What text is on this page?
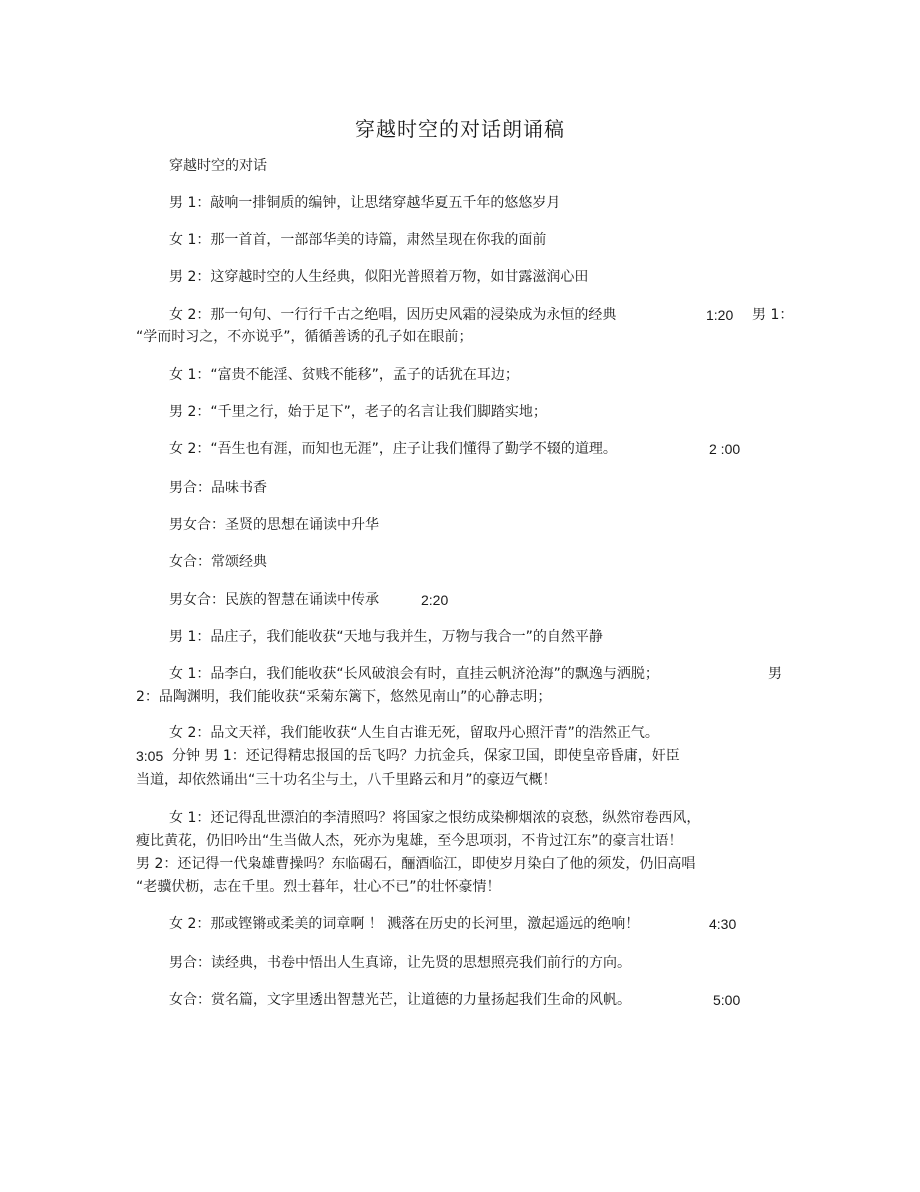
穿越时空的对话朗诵稿
穿越时空的对话
男 1：敲响一排铜质的编钟，让思绪穿越华夏五千年的悠悠岁月
女 1：那一首首，一部部华美的诗篇，肃然呈现在你我的面前
男 2：这穿越时空的人生经典，似阳光普照着万物，如甘露滋润心田
女 2：那一句句、一行行千古之绝唱，因历史风霜的浸染成为永恒的经典	1:20 男 1：
“学而时习之，不亦说乎”，循循善诱的孔子如在眼前；
女 1：“富贵不能淫、贫贱不能移”，孟子的话犹在耳边；
男 2：“千里之行，始于足下”，老子的名言让我们脚踏实地；
女 2：“吾生也有涯，而知也无涯”，庄子让我们懂得了勤学不辍的道理。	2 :00
男合：品味书香
男女合：圣贤的思想在诵读中升华
女合：常颂经典
男女合：民族的智慧在诵读中传承	2:20
男 1：品庄子，我们能收获“天地与我并生，万物与我合一”的自然平静
女 1：品李白，我们能收获“长风破浪会有时，直挂云帆济沧海”的飘逸与洒脱；	男
2：品陶渊明，我们能收获“采菊东篱下，悠然见南山”的心静志明；
女 2：品文天祥，我们能收获“人生自古谁无死，留取丹心照汗青”的浩然正气。
3:05 分钟 男 1：还记得精忠报国的岳飞吗？力抗金兵，保家卫国，即使皇帝昏庸，奸臣
当道，却依然诵出“三十功名尘与土，八千里路云和月”的豪迈气概！
女 1：还记得乱世漂泊的李清照吗？将国家之恨纺成染柳烟浓的哀愁，纵然帘卷西风，
瘦比黄花，仍旧吟出“生当做人杰，死亦为鬼雄，至今思项羽，不肯过江东”的豪言壮语！
男 2：还记得一代枭雄曹操吗？东临碣石，酾酒临江，即使岁月染白了他的须发，仍旧高唱
“老骥伏枥，志在千里。烈士暮年，壮心不已”的壮怀豪情！
女 2：那或铿锵或柔美的词章啊 ！ 溅落在历史的长河里，激起遥远的绝响！	4:30
男合：读经典，书卷中悟出人生真谛，让先贤的思想照亮我们前行的方向。
女合：赏名篇，文字里透出智慧光芒，让道德的力量扬起我们生命的风帆。	5:00
